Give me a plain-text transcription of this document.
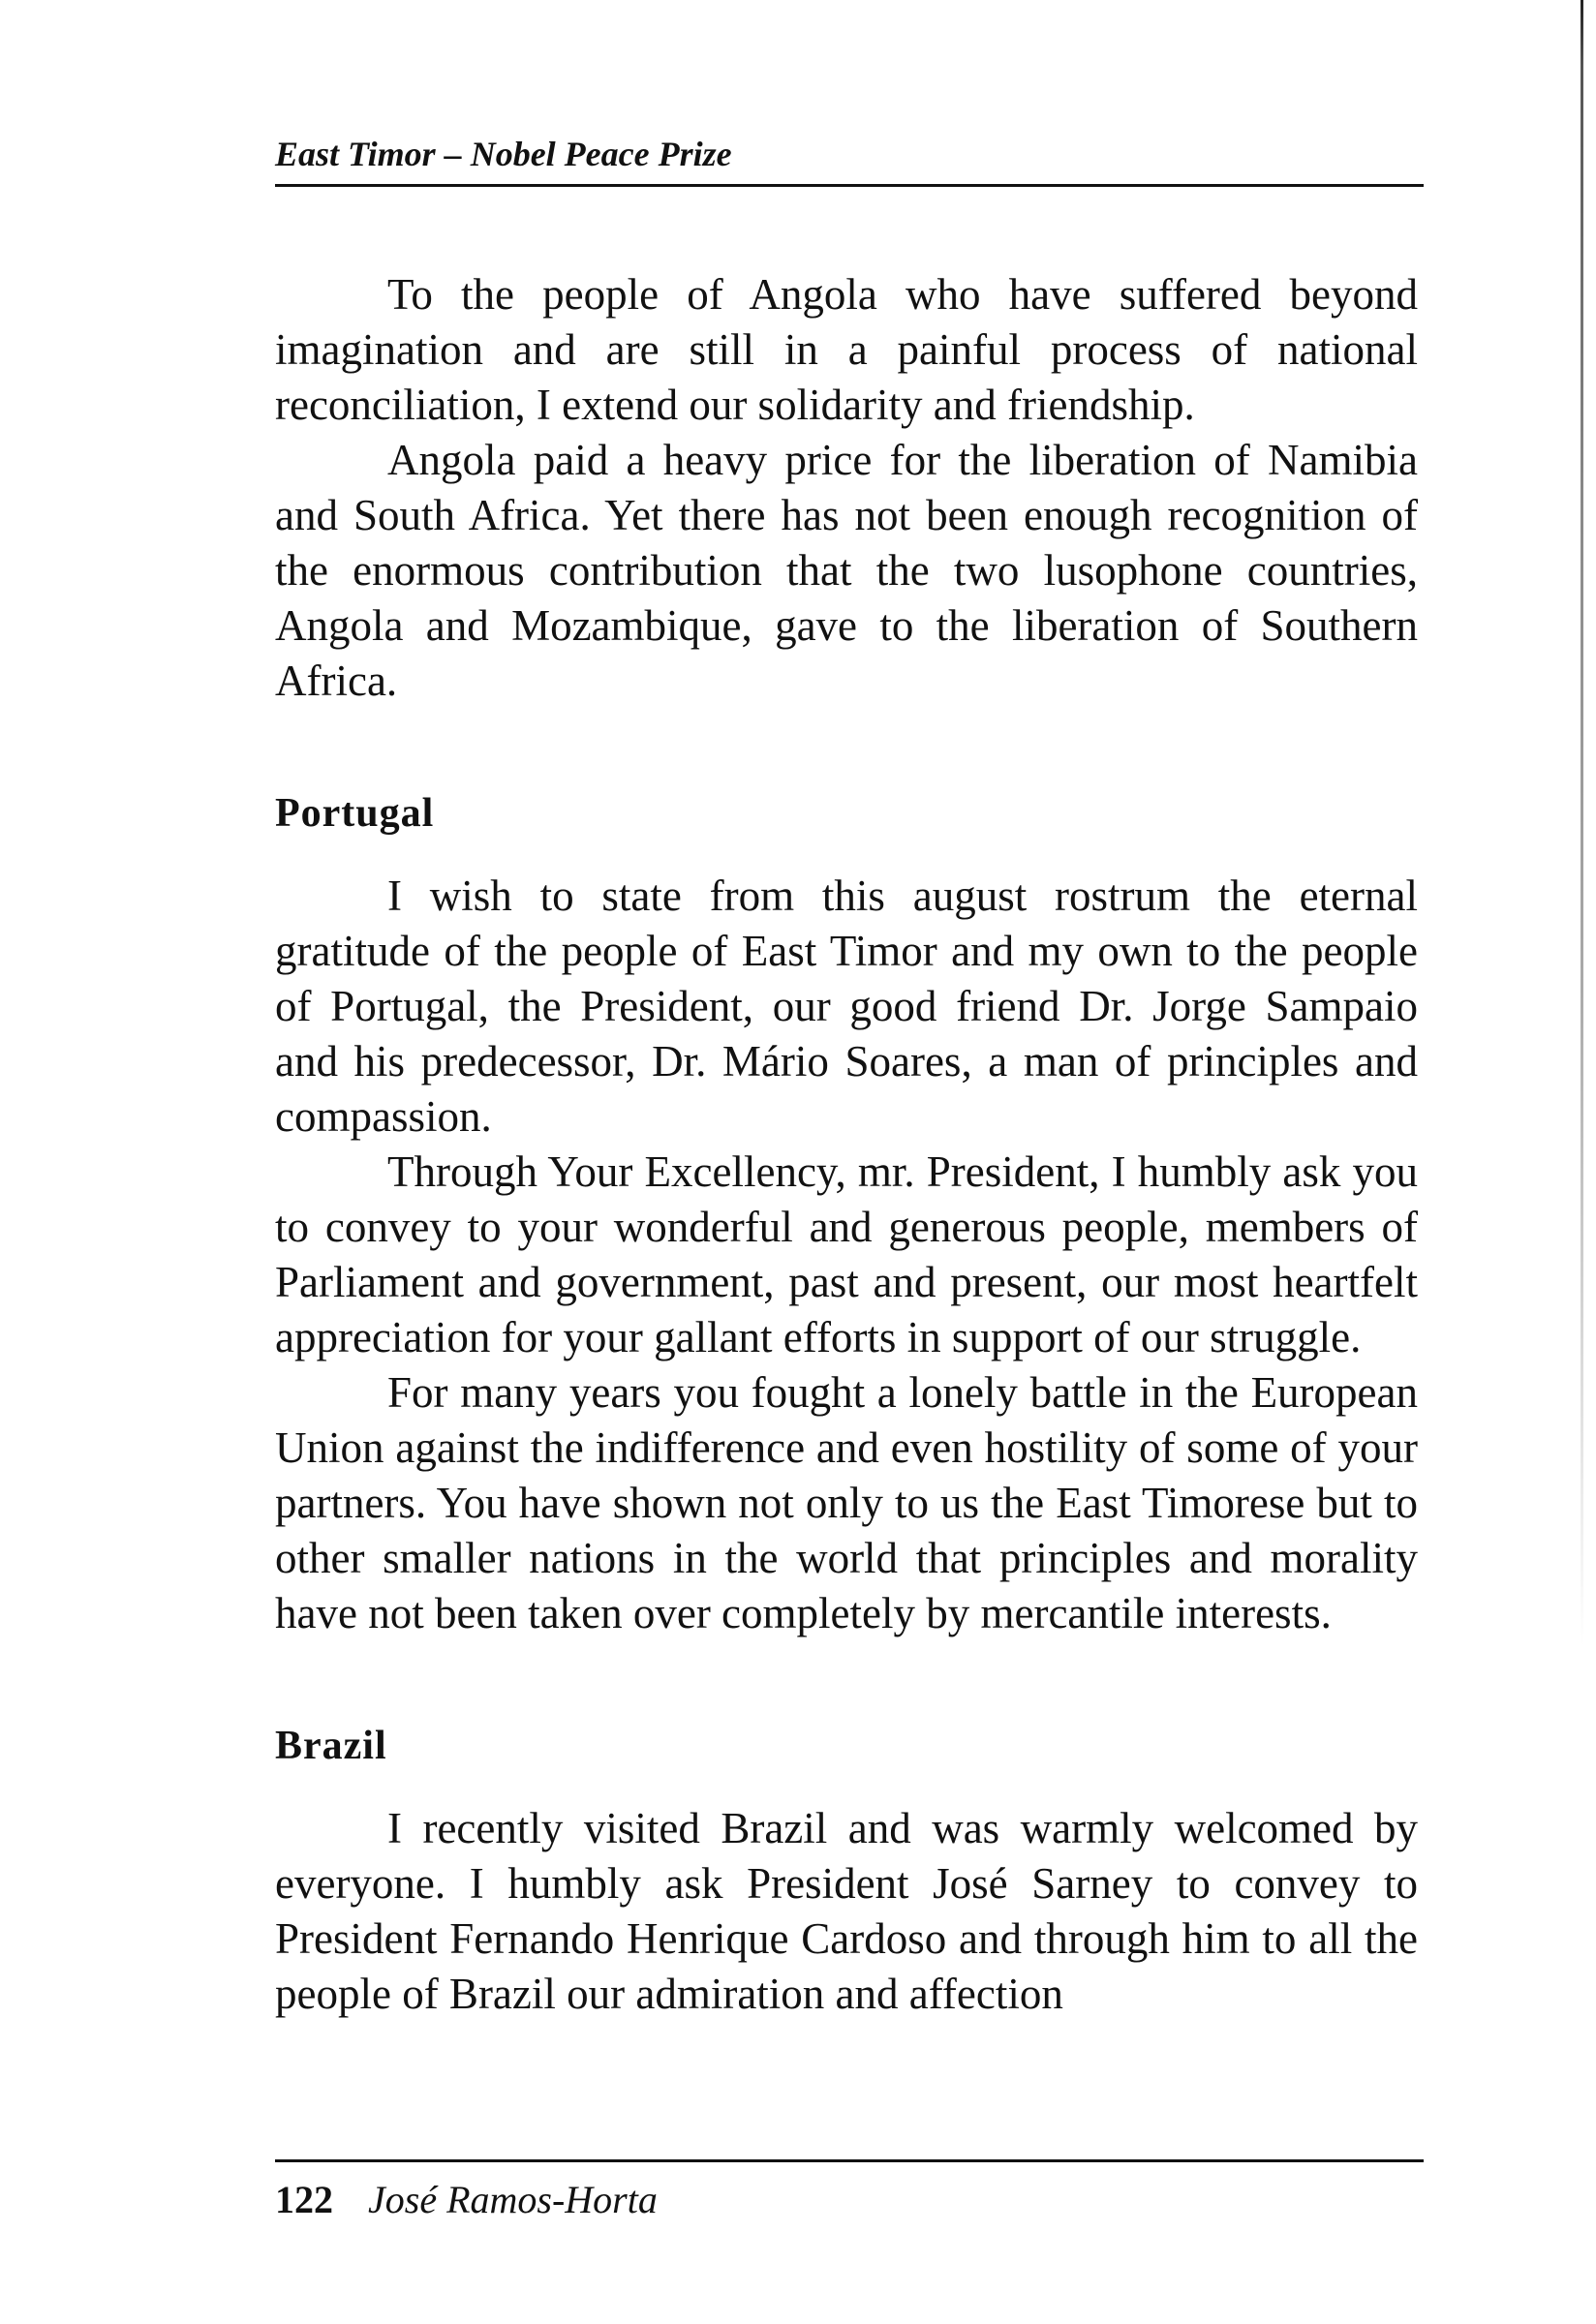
East Timor – Nobel Peace Prize

To the people of Angola who have suffered beyond imagination and are still in a painful process of national reconciliation, I extend our solidarity and friendship.

Angola paid a heavy price for the liberation of Namibia and South Africa. Yet there has not been enough recognition of the enormous contribution that the two lusophone countries, Angola and Mozambique, gave to the liberation of Southern Africa.

Portugal

I wish to state from this august rostrum the eternal gratitude of the people of East Timor and my own to the people of Portugal, the President, our good friend Dr. Jorge Sampaio and his predecessor, Dr. Mário Soares, a man of principles and compassion.

Through Your Excellency, mr. President, I humbly ask you to convey to your wonderful and generous people, members of Parliament and government, past and present, our most heartfelt appreciation for your gallant efforts in support of our struggle.

For many years you fought a lonely battle in the European Union against the indifference and even hostility of some of your partners. You have shown not only to us the East Timorese but to other smaller nations in the world that principles and morality have not been taken over completely by mercantile interests.

Brazil

I recently visited Brazil and was warmly welcomed by everyone. I humbly ask President José Sarney to convey to President Fernando Henrique Cardoso and through him to all the people of Brazil our admiration and affection

122 José Ramos-Horta
